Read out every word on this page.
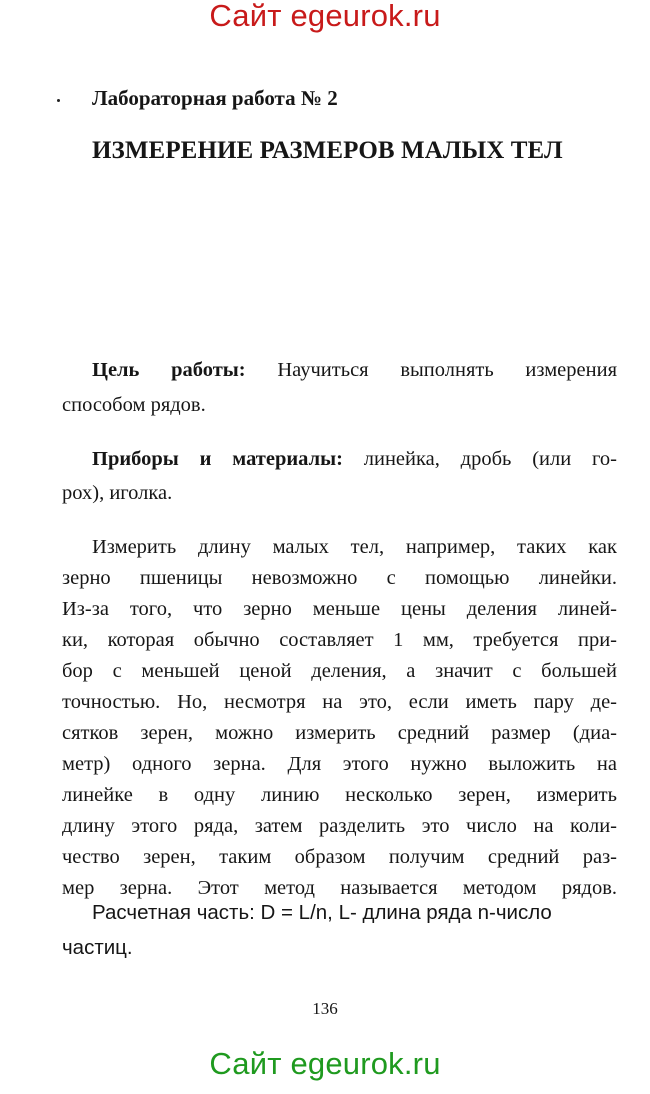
Сайт egeurok.ru
Лабораторная работа № 2
ИЗМЕРЕНИЕ РАЗМЕРОВ МАЛЫХ ТЕЛ
Цель работы: Научиться выполнять измерения
способом рядов.
Приборы и материалы: линейка, дробь (или го-
рох), иголка.
Измерить длину малых тел, например, таких как
зерно пшеницы невозможно с помощью линейки.
Из-за того, что зерно меньше цены деления линей-
ки, которая обычно составляет 1 мм, требуется при-
бор с меньшей ценой деления, а значит с большей
точностью. Но, несмотря на это, если иметь пару де-
сятков зерен, можно измерить средний размер (диа-
метр) одного зерна. Для этого нужно выложить на
линейке в одну линию несколько зерен, измерить
длину этого ряда, затем разделить это число на коли-
чество зерен, таким образом получим средний раз-
мер зерна. Этот метод называется методом рядов.
Расчетная часть: D = L/n, L- длина ряда n-число
частиц.
136
Сайт egeurok.ru
